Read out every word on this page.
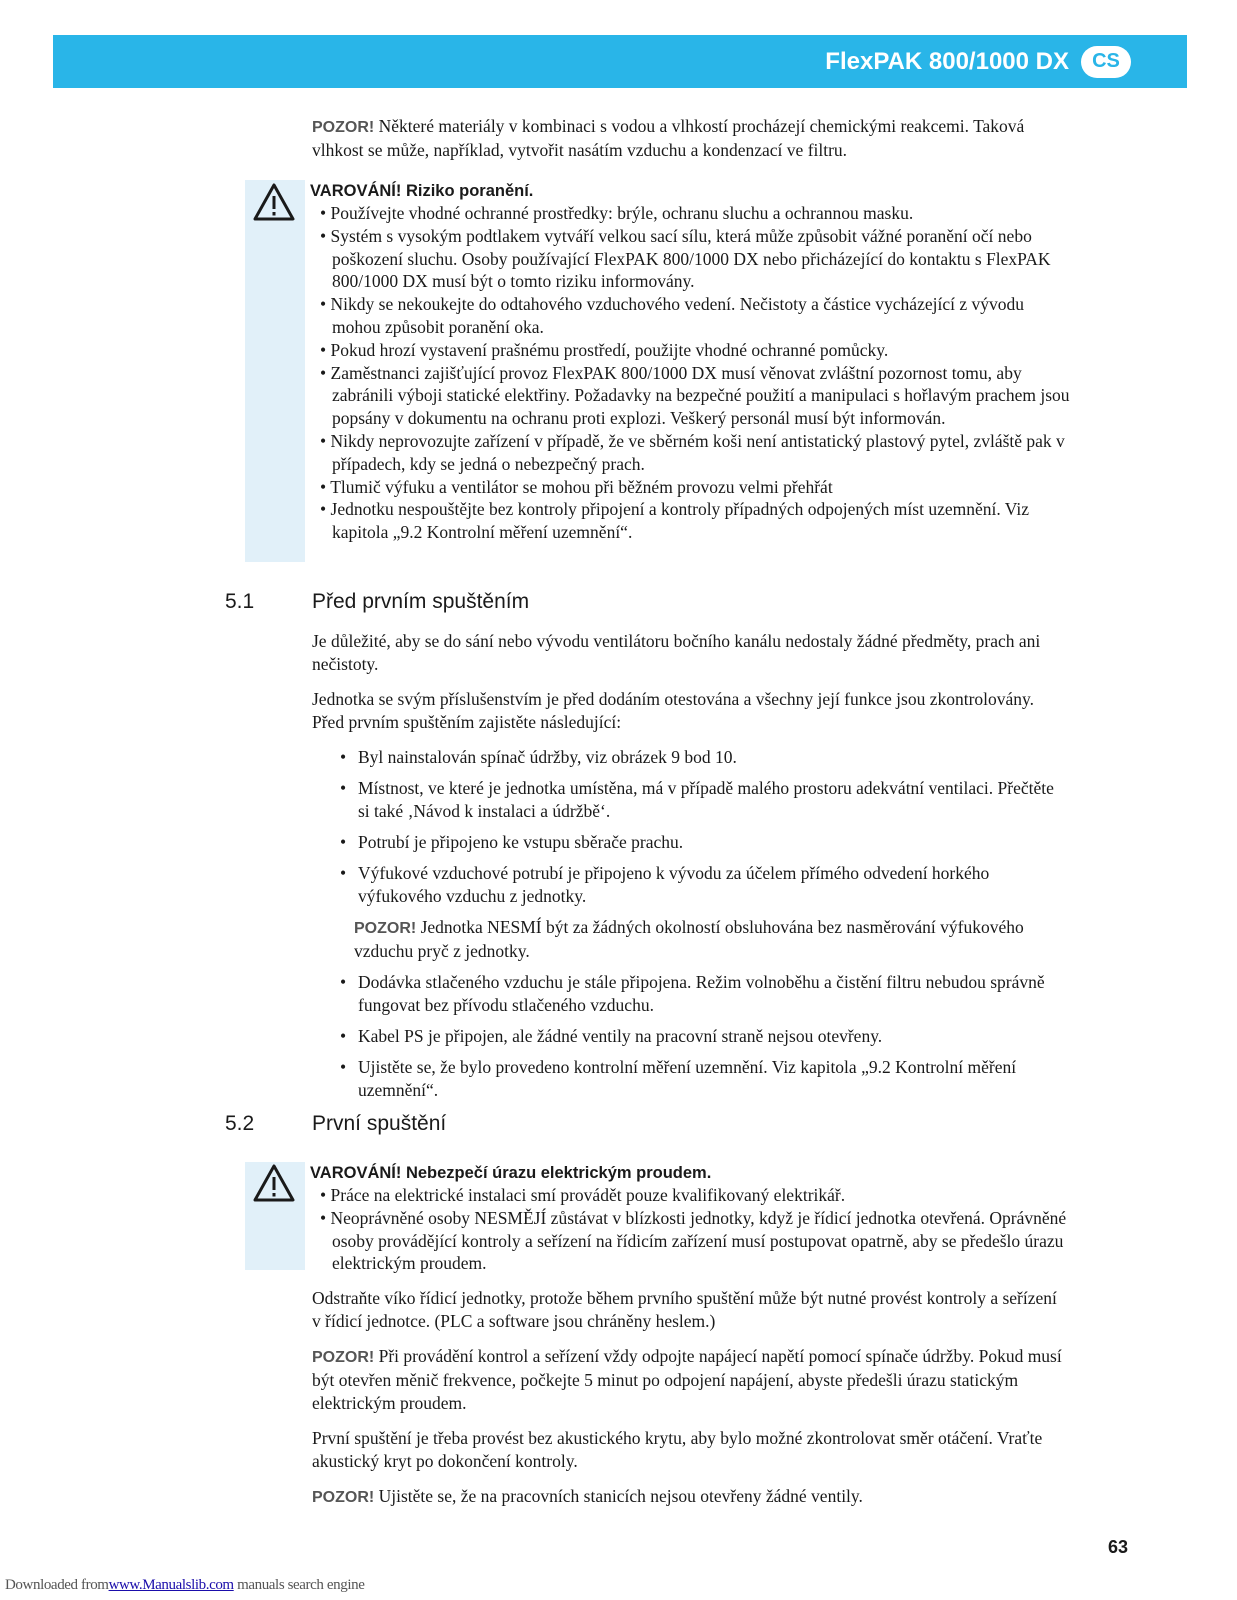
FlexPAK 800/1000 DX	CS

POZOR! Některé materiály v kombinaci s vodou a vlhkostí procházejí chemickými reakcemi. Taková vlhkost se může, například, vytvořit nasátím vzduchu a kondenzací ve filtru.

VAROVÁNÍ! Riziko poranění.

• Používejte vhodné ochranné prostředky: brýle, ochranu sluchu a ochrannou masku.
• Systém s vysokým podtlakem vytváří velkou sací sílu, která může způsobit vážné poranění očí nebo poškození sluchu. Osoby používající FlexPAK 800/1000 DX nebo přicházející do kontaktu s FlexPAK 800/1000 DX musí být o tomto riziku informovány.
• Nikdy se nekoukejte do odtahového vzduchového vedení. Nečistoty a částice vycházející z vývodu mohou způsobit poranění oka.
• Pokud hrozí vystavení prašnému prostředí, použijte vhodné ochranné pomůcky.
• Zaměstnanci zajišťující provoz FlexPAK 800/1000 DX musí věnovat zvláštní pozornost tomu, aby zabránili výboji statické elektřiny. Požadavky na bezpečné použití a manipulaci s hořlavým prachem jsou popsány v dokumentu na ochranu proti explozi. Veškerý personál musí být informován.
• Nikdy neprovozujte zařízení v případě, že ve sběrném koši není antistatický plastový pytel, zvláště pak v případech, kdy se jedná o nebezpečný prach.
• Tlumič výfuku a ventilátor se mohou při běžném provozu velmi přehřát
• Jednotku nespouštějte bez kontroly připojení a kontroly případných odpojených míst uzemnění. Viz kapitola „9.2 Kontrolní měření uzemnění“.
5.1	Před prvním spuštěním

Je důležité, aby se do sání nebo vývodu ventilátoru bočního kanálu nedostaly žádné předměty, prach ani nečistoty.

Jednotka se svým příslušenstvím je před dodáním otestována a všechny její funkce jsou zkontrolovány. Před prvním spuštěním zajistěte následující:

• Byl nainstalován spínač údržby, viz obrázek 9 bod 10.
• Místnost, ve které je jednotka umístěna, má v případě malého prostoru adekvátní ventilaci. Přečtěte si také ‚Návod k instalaci a údržbě‘.
• Potrubí je připojeno ke vstupu sběrače prachu.
• Výfukové vzduchové potrubí je připojeno k vývodu za účelem přímého odvedení horkého výfukového vzduchu z jednotky.
POZOR! Jednotka NESMÍ být za žádných okolností obsluhována bez nasměrování výfukového vzduchu pryč z jednotky.
• Dodávka stlačeného vzduchu je stále připojena. Režim volnoběhu a čistění filtru nebudou správně fungovat bez přívodu stlačeného vzduchu.
• Kabel PS je připojen, ale žádné ventily na pracovní straně nejsou otevřeny.
• Ujistěte se, že bylo provedeno kontrolní měření uzemnění. Viz kapitola „9.2 Kontrolní měření uzemnění“.
5.2	První spuštění

VAROVÁNÍ! Nebezpečí úrazu elektrickým proudem.

• Práce na elektrické instalaci smí provádět pouze kvalifikovaný elektrikář.
• Neoprávněné osoby NESMĚJÍ zůstávat v blízkosti jednotky, když je řídicí jednotka otevřená. Oprávněné osoby provádějící kontroly a seřízení na řídicím zařízení musí postupovat opatrně, aby se předešlo úrazu elektrickým proudem.

Odstraňte víko řídicí jednotky, protože během prvního spuštění může být nutné provést kontroly a seřízení v řídicí jednotce. (PLC a software jsou chráněny heslem.)

POZOR! Při provádění kontrol a seřízení vždy odpojte napájecí napětí pomocí spínače údržby. Pokud musí být otevřen měnič frekvence, počkejte 5 minut po odpojení napájení, abyste předešli úrazu statickým elektrickým proudem.

První spuštění je třeba provést bez akustického krytu, aby bylo možné zkontrolovat směr otáčení. Vraťte akustický kryt po dokončení kontroly.

POZOR! Ujistěte se, že na pracovních stanicích nejsou otevřeny žádné ventily.

63
Downloaded fromwww.Manualslib.com manuals search engine
